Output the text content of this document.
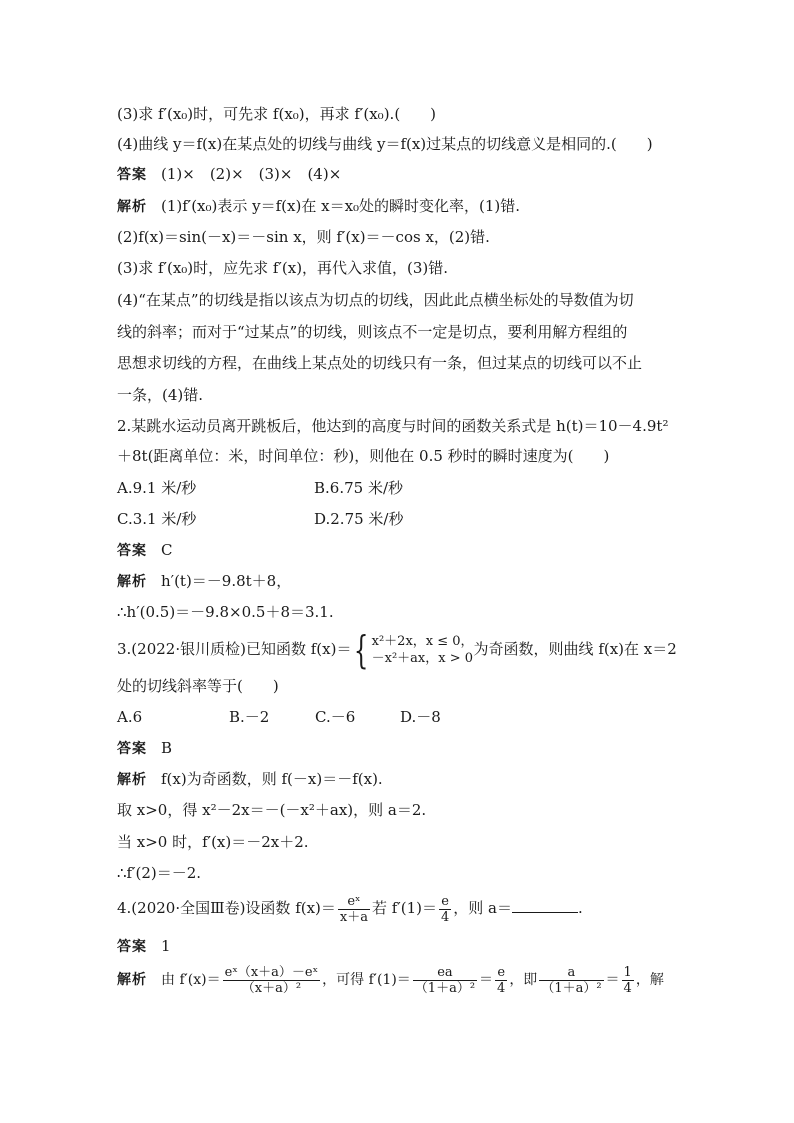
(3)求 f′(x₀)时，可先求 f(x₀)，再求 f′(x₀).(　　)
(4)曲线 y＝f(x)在某点处的切线与曲线 y＝f(x)过某点的切线意义是相同的.(　　)
答案 (1)×　(2)×　(3)×　(4)×
解析 (1)f′(x₀)表示 y＝f(x)在 x＝x₀处的瞬时变化率，(1)错.
(2)f(x)＝sin(－x)＝－sin x，则 f′(x)＝－cos x，(2)错.
(3)求 f′(x₀)时，应先求 f′(x)，再代入求值，(3)错.
(4)“在某点”的切线是指以该点为切点的切线，因此此点横坐标处的导数值为切
线的斜率；而对于“过某点”的切线，则该点不一定是切点，要利用解方程组的
思想求切线的方程，在曲线上某点处的切线只有一条，但过某点的切线可以不止
一条，(4)错.
2.某跳水运动员离开跳板后，他达到的高度与时间的函数关系式是 h(t)＝10－4.9t²
＋8t(距离单位：米，时间单位：秒)，则他在 0.5 秒时的瞬时速度为(　　)
A.9.1 米/秒	B.6.75 米/秒
C.3.1 米/秒	D.2.75 米/秒
答案 C
解析 h′(t)＝－9.8t＋8，
∴h′(0.5)＝－9.8×0.5＋8＝3.1.
3.(2022·银川质检)已知函数 f(x)＝{ x²＋2x，x ≤ 0，
－x²＋ax，x > 0
为奇函数，则曲线 f(x)在 x＝2
处的切线斜率等于(　　)
A.6	B.－2	C.－6	D.－8
答案 B
解析 f(x)为奇函数，则 f(－x)＝－f(x).
取 x>0，得 x²－2x＝－(－x²＋ax)，则 a＝2.
当 x>0 时，f′(x)＝－2x＋2.
∴f′(2)＝－2.
4.(2020·全国Ⅲ卷)设函数 $f(x)= \frac{\text{eˣ}}{x+a}$ 若 $f'(1)= \frac{e}{4}$ ，则 a＝	.
答案 1
解析 由 $f'(x)= \frac{\text{eˣ（x＋a）－eˣ}}{\text{（x＋a）²}}$ ，可得 $f'(1)= \frac{ea}{\text{（1＋a）²}} = \frac{e}{4}$ ，即 $\frac{a}{\text{（1＋a）²}} = \frac{1}{4}$ ，解
